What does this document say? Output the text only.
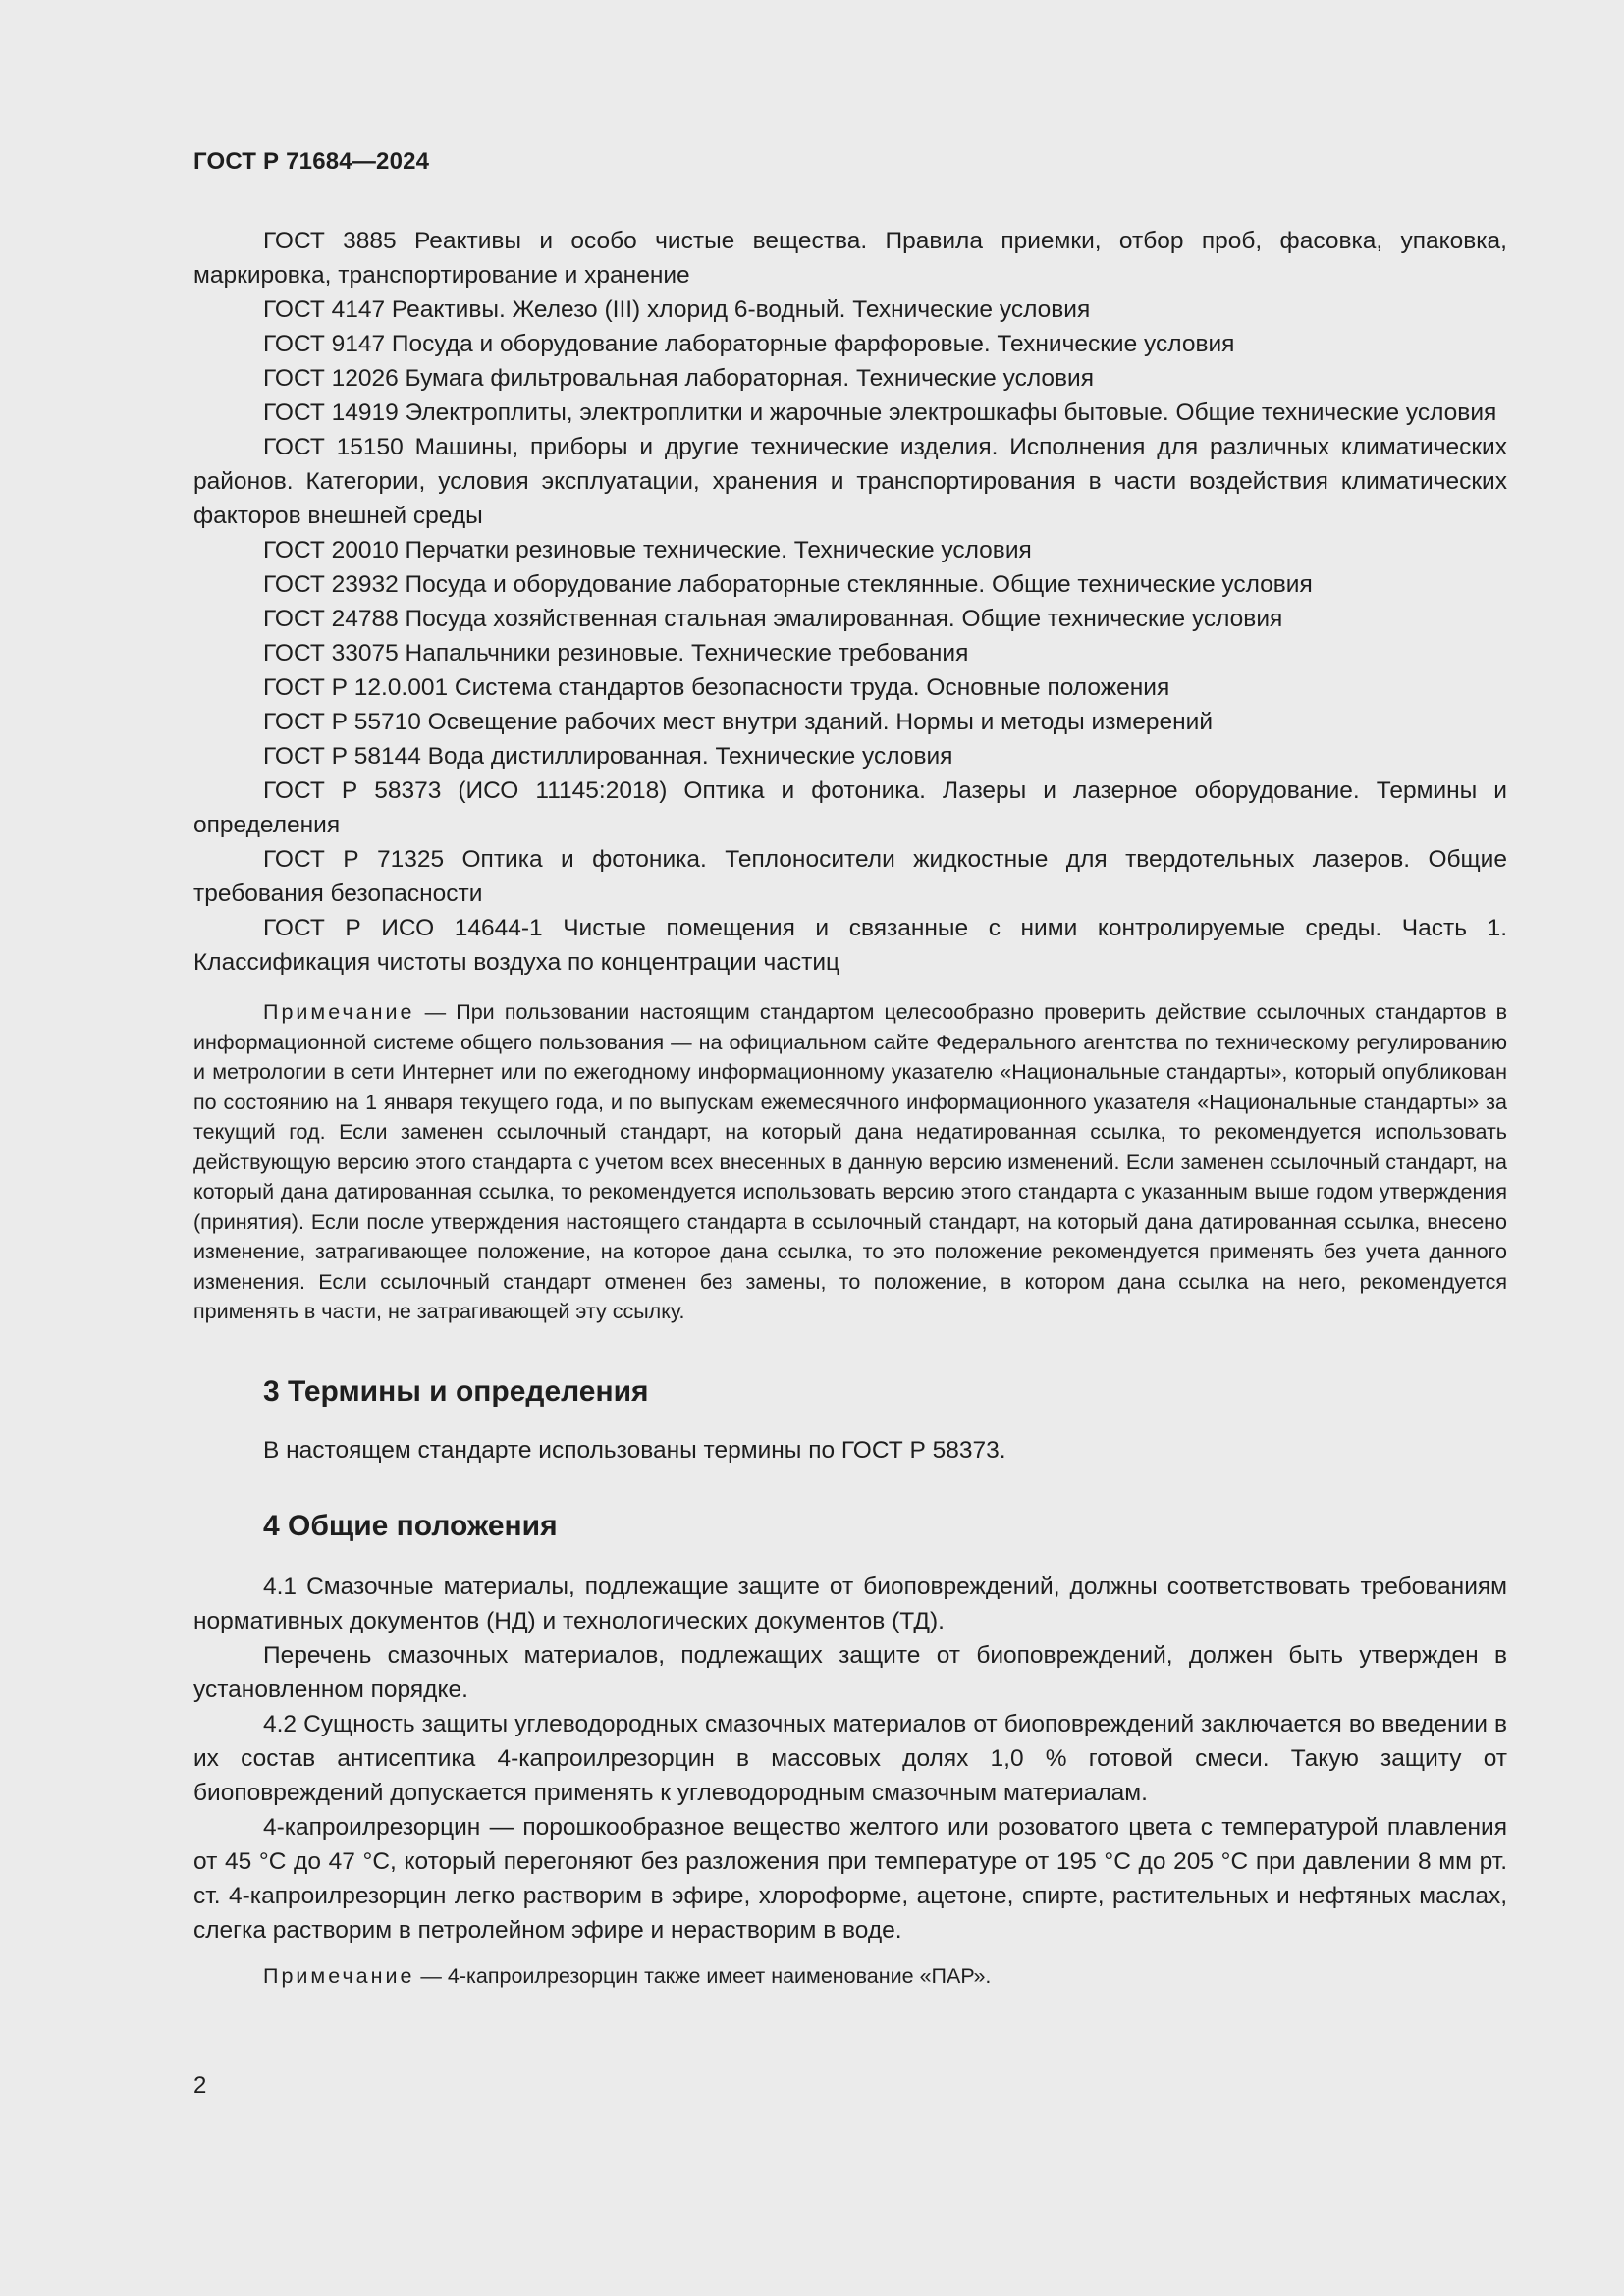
ГОСТ Р 71684—2024

ГОСТ 3885 Реактивы и особо чистые вещества. Правила приемки, отбор проб, фасовка, упаковка, маркировка, транспортирование и хранение

ГОСТ 4147 Реактивы. Железо (III) хлорид 6-водный. Технические условия

ГОСТ 9147 Посуда и оборудование лабораторные фарфоровые. Технические условия

ГОСТ 12026 Бумага фильтровальная лабораторная. Технические условия

ГОСТ 14919 Электроплиты, электроплитки и жарочные электрошкафы бытовые. Общие технические условия

ГОСТ 15150 Машины, приборы и другие технические изделия. Исполнения для различных климатических районов. Категории, условия эксплуатации, хранения и транспортирования в части воздействия климатических факторов внешней среды

ГОСТ 20010 Перчатки резиновые технические. Технические условия

ГОСТ 23932 Посуда и оборудование лабораторные стеклянные. Общие технические условия

ГОСТ 24788 Посуда хозяйственная стальная эмалированная. Общие технические условия

ГОСТ 33075 Напальчники резиновые. Технические требования

ГОСТ Р 12.0.001 Система стандартов безопасности труда. Основные положения

ГОСТ Р 55710 Освещение рабочих мест внутри зданий. Нормы и методы измерений

ГОСТ Р 58144 Вода дистиллированная. Технические условия

ГОСТ Р 58373 (ИСО 11145:2018) Оптика и фотоника. Лазеры и лазерное оборудование. Термины и определения

ГОСТ Р 71325 Оптика и фотоника. Теплоносители жидкостные для твердотельных лазеров. Общие требования безопасности

ГОСТ Р ИСО 14644-1 Чистые помещения и связанные с ними контролируемые среды. Часть 1. Классификация чистоты воздуха по концентрации частиц

Примечание — При пользовании настоящим стандартом целесообразно проверить действие ссылочных стандартов в информационной системе общего пользования — на официальном сайте Федерального агентства по техническому регулированию и метрологии в сети Интернет или по ежегодному информационному указателю «Национальные стандарты», который опубликован по состоянию на 1 января текущего года, и по выпускам ежемесячного информационного указателя «Национальные стандарты» за текущий год. Если заменен ссылочный стандарт, на который дана недатированная ссылка, то рекомендуется использовать действующую версию этого стандарта с учетом всех внесенных в данную версию изменений. Если заменен ссылочный стандарт, на который дана датированная ссылка, то рекомендуется использовать версию этого стандарта с указанным выше годом утверждения (принятия). Если после утверждения настоящего стандарта в ссылочный стандарт, на который дана датированная ссылка, внесено изменение, затрагивающее положение, на которое дана ссылка, то это положение рекомендуется применять без учета данного изменения. Если ссылочный стандарт отменен без замены, то положение, в котором дана ссылка на него, рекомендуется применять в части, не затрагивающей эту ссылку.

3 Термины и определения

В настоящем стандарте использованы термины по ГОСТ Р 58373.

4 Общие положения

4.1 Смазочные материалы, подлежащие защите от биоповреждений, должны соответствовать требованиям нормативных документов (НД) и технологических документов (ТД).

Перечень смазочных материалов, подлежащих защите от биоповреждений, должен быть утвержден в установленном порядке.

4.2 Сущность защиты углеводородных смазочных материалов от биоповреждений заключается во введении в их состав антисептика 4-капроилрезорцин в массовых долях 1,0 % готовой смеси. Такую защиту от биоповреждений допускается применять к углеводородным смазочным материалам.

4-капроилрезорцин — порошкообразное вещество желтого или розоватого цвета с температурой плавления от 45 °С до 47 °С, который перегоняют без разложения при температуре от 195 °С до 205 °С при давлении 8 мм рт. ст. 4-капроилрезорцин легко растворим в эфире, хлороформе, ацетоне, спирте, растительных и нефтяных маслах, слегка растворим в петролейном эфире и нерастворим в воде.

Примечание — 4-капроилрезорцин также имеет наименование «ПАР».

2
